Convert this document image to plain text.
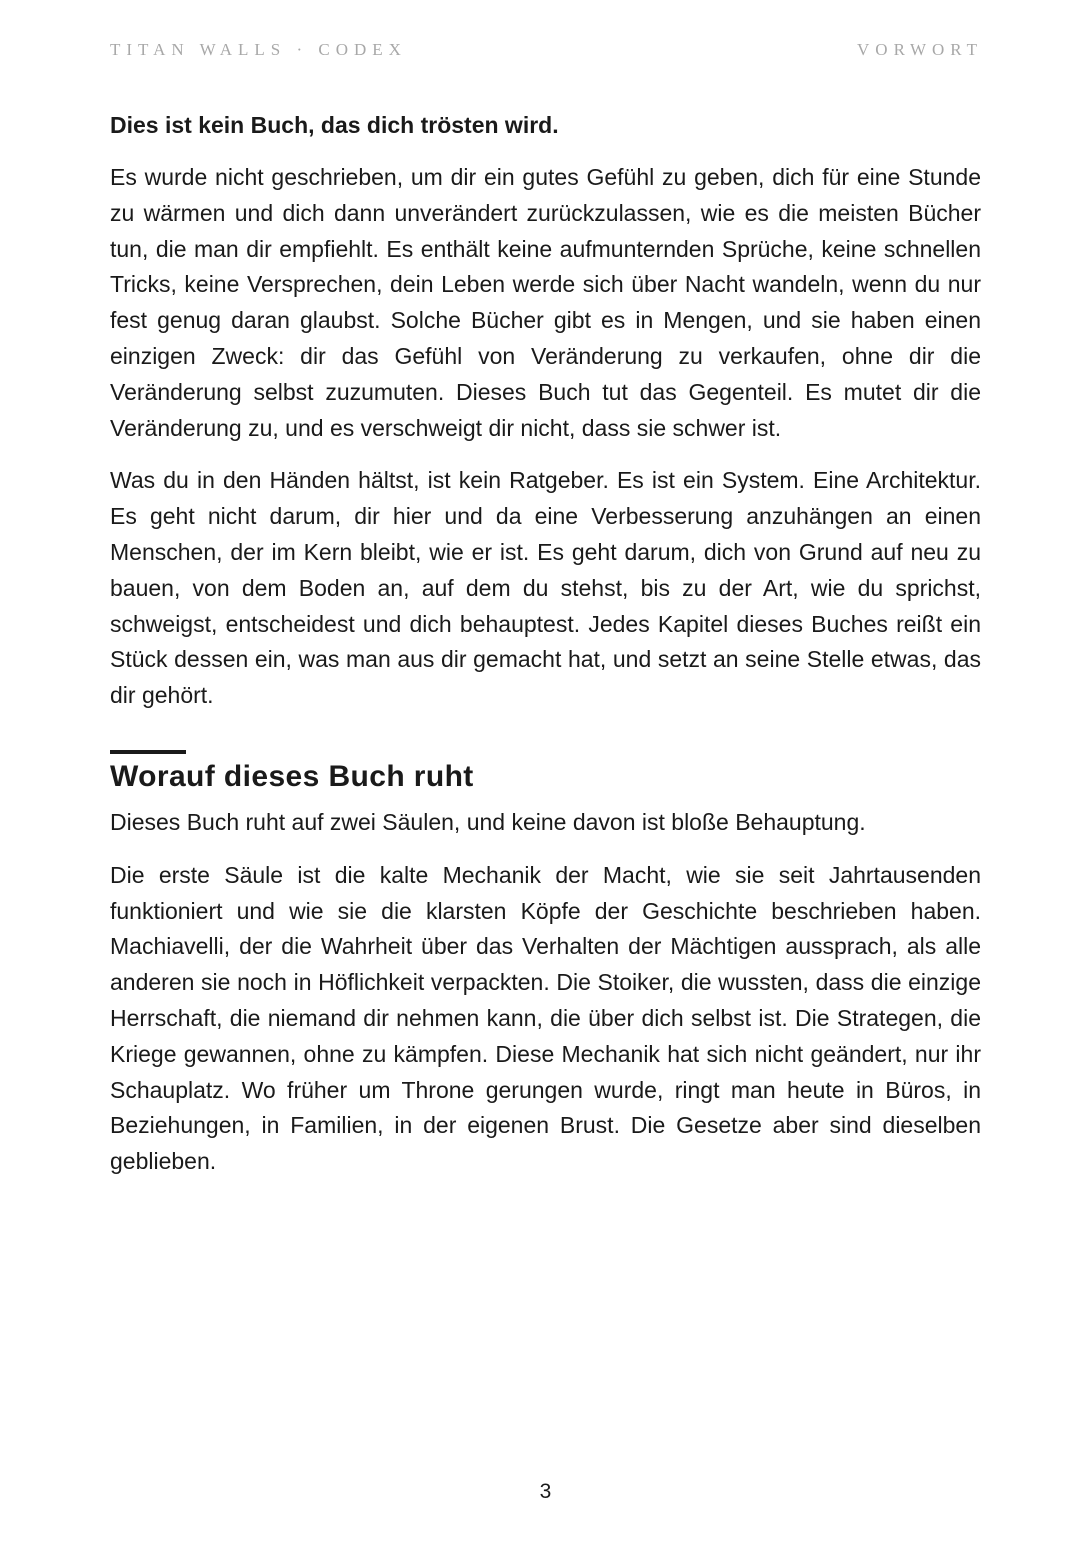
TITAN WALLS · CODEX	VORWORT

Dies ist kein Buch, das dich trösten wird.

Es wurde nicht geschrieben, um dir ein gutes Gefühl zu geben, dich für eine Stunde zu wärmen und dich dann unverändert zurückzulassen, wie es die meisten Bücher tun, die man dir empfiehlt. Es enthält keine aufmunternden Sprüche, keine schnellen Tricks, keine Versprechen, dein Leben werde sich über Nacht wandeln, wenn du nur fest genug daran glaubst. Solche Bücher gibt es in Mengen, und sie haben einen einzigen Zweck: dir das Gefühl von Veränderung zu verkaufen, ohne dir die Veränderung selbst zuzumuten. Dieses Buch tut das Gegenteil. Es mutet dir die Veränderung zu, und es verschweigt dir nicht, dass sie schwer ist.

Was du in den Händen hältst, ist kein Ratgeber. Es ist ein System. Eine Architektur. Es geht nicht darum, dir hier und da eine Verbesserung anzuhängen an einen Menschen, der im Kern bleibt, wie er ist. Es geht darum, dich von Grund auf neu zu bauen, von dem Boden an, auf dem du stehst, bis zu der Art, wie du sprichst, schweigst, entscheidest und dich behauptest. Jedes Kapitel dieses Buches reißt ein Stück dessen ein, was man aus dir gemacht hat, und setzt an seine Stelle etwas, das dir gehört.

Worauf dieses Buch ruht

Dieses Buch ruht auf zwei Säulen, und keine davon ist bloße Behauptung.

Die erste Säule ist die kalte Mechanik der Macht, wie sie seit Jahrtausenden funktioniert und wie sie die klarsten Köpfe der Geschichte beschrieben haben. Machiavelli, der die Wahrheit über das Verhalten der Mächtigen aussprach, als alle anderen sie noch in Höflichkeit verpackten. Die Stoiker, die wussten, dass die einzige Herrschaft, die niemand dir nehmen kann, die über dich selbst ist. Die Strategen, die Kriege gewannen, ohne zu kämpfen. Diese Mechanik hat sich nicht geändert, nur ihr Schauplatz. Wo früher um Throne gerungen wurde, ringt man heute in Büros, in Beziehungen, in Familien, in der eigenen Brust. Die Gesetze aber sind dieselben geblieben.

3
